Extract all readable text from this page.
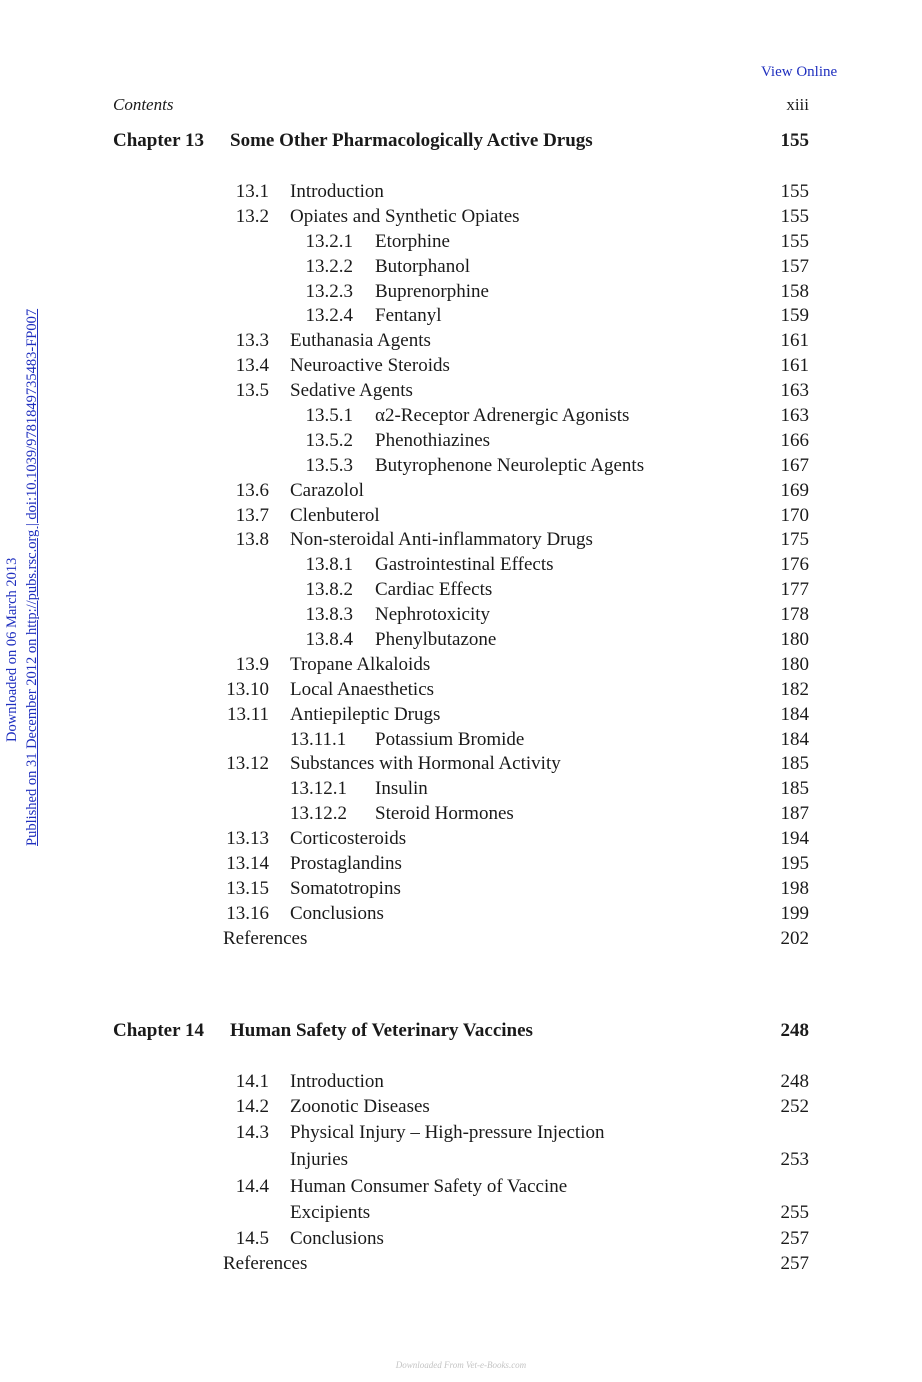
View Online
Contents	xiii
Downloaded on 06 March 2013 Published on 31 December 2012 on http://pubs.rsc.org | doi:10.1039/9781849735483-FP007
Chapter 13	Some Other Pharmacologically Active Drugs	155
13.1 Introduction	155
13.2 Opiates and Synthetic Opiates	155
13.2.1 Etorphine	155
13.2.2 Butorphanol	157
13.2.3 Buprenorphine	158
13.2.4 Fentanyl	159
13.3 Euthanasia Agents	161
13.4 Neuroactive Steroids	161
13.5 Sedative Agents	163
13.5.1 α2-Receptor Adrenergic Agonists	163
13.5.2 Phenothiazines	166
13.5.3 Butyrophenone Neuroleptic Agents	167
13.6 Carazolol	169
13.7 Clenbuterol	170
13.8 Non-steroidal Anti-inflammatory Drugs	175
13.8.1 Gastrointestinal Effects	176
13.8.2 Cardiac Effects	177
13.8.3 Nephrotoxicity	178
13.8.4 Phenylbutazone	180
13.9 Tropane Alkaloids	180
13.10 Local Anaesthetics	182
13.11 Antiepileptic Drugs	184
13.11.1 Potassium Bromide	184
13.12 Substances with Hormonal Activity	185
13.12.1 Insulin	185
13.12.2 Steroid Hormones	187
13.13 Corticosteroids	194
13.14 Prostaglandins	195
13.15 Somatotropins	198
13.16 Conclusions	199
References	202
Chapter 14	Human Safety of Veterinary Vaccines	248
14.1 Introduction	248
14.2 Zoonotic Diseases	252
14.3 Physical Injury – High-pressure Injection
Injuries	253
14.4 Human Consumer Safety of Vaccine
Excipients	255
14.5 Conclusions	257
References	257
Downloaded From Vet-e-Books.com
